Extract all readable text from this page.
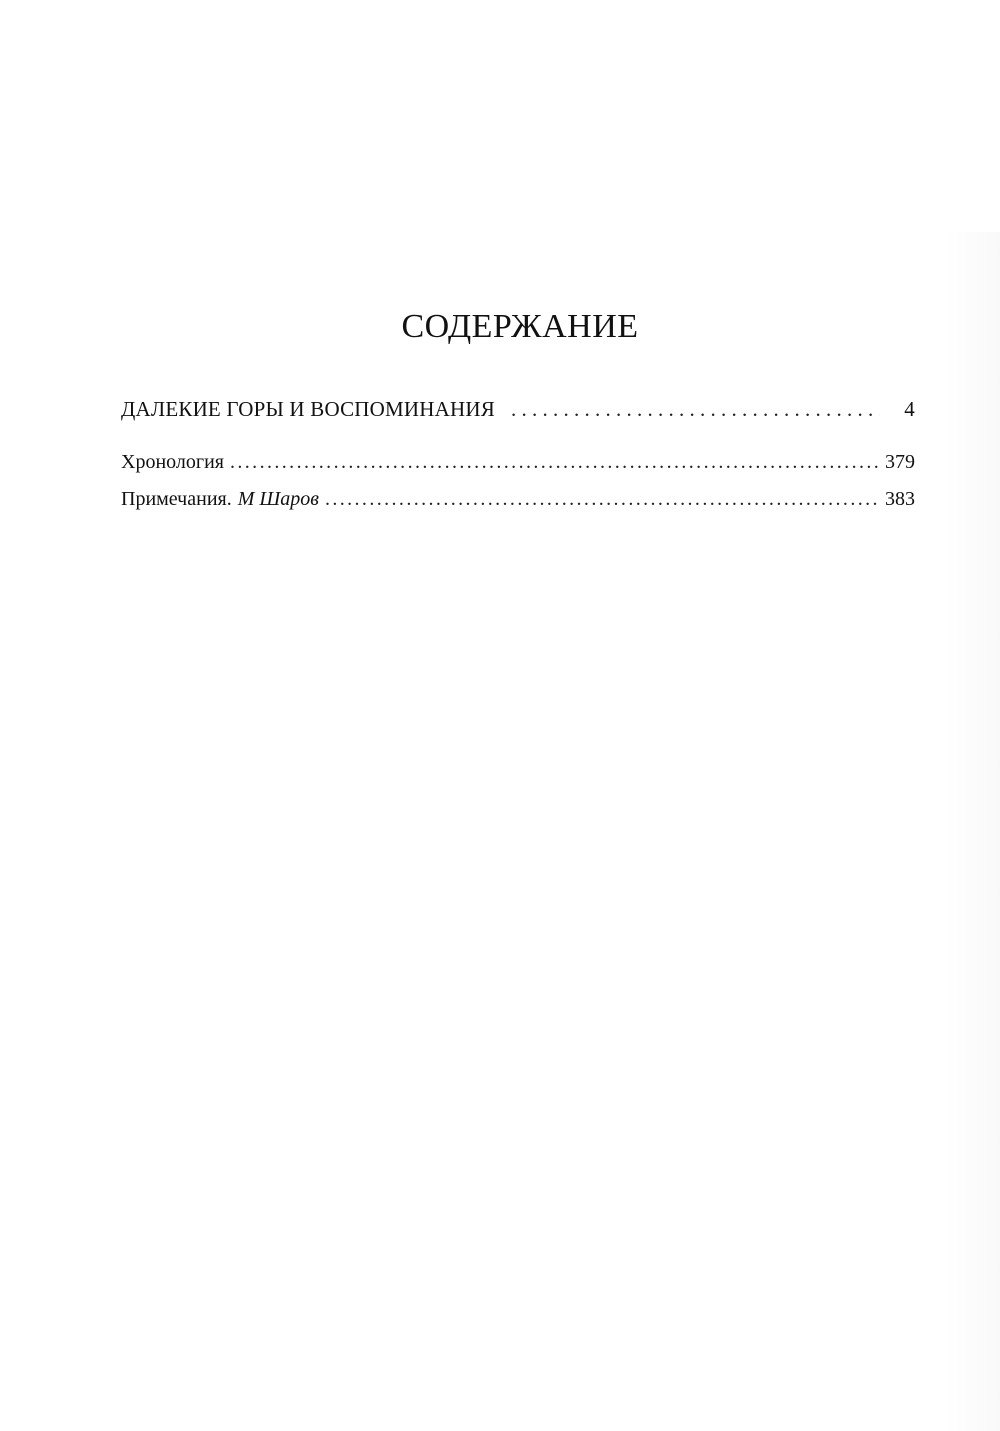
СОДЕРЖАНИЕ
ДАЛЕКИЕ ГОРЫ И ВОСПОМИНАНИЯ . . .	4
Хронология .....	379
Примечания. М Шаров .....	383
